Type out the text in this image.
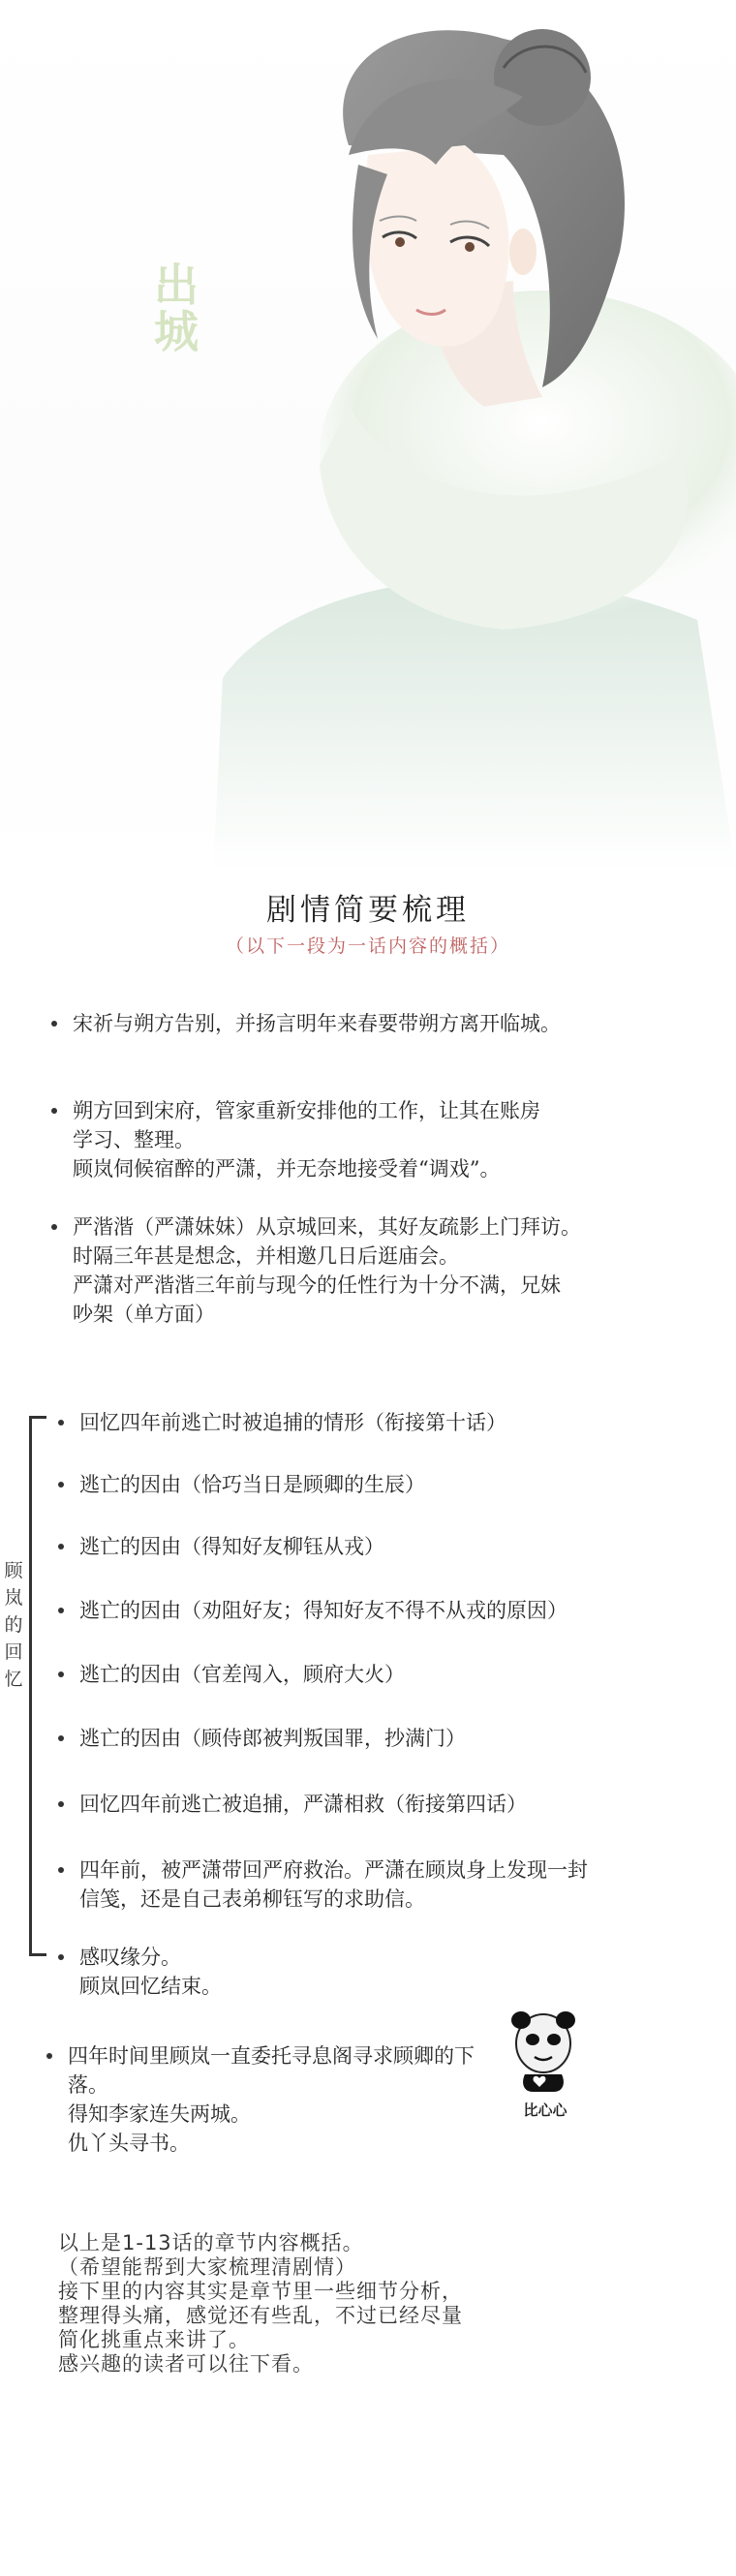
出城
剧情简要梳理
（以下一段为一话内容的概括）
宋祈与朔方告别，并扬言明年来春要带朔方离开临城。
朔方回到宋府，管家重新安排他的工作，让其在账房
学习、整理。
顾岚伺候宿醉的严潇，并无奈地接受着“调戏”。
严湝湝（严潇妹妹）从京城回来，其好友疏影上门拜访。
时隔三年甚是想念，并相邀几日后逛庙会。
严潇对严湝湝三年前与现今的任性行为十分不满，兄妹
吵架（单方面）
顾
岚
的
回
忆
回忆四年前逃亡时被追捕的情形（衔接第十话）
逃亡的因由（恰巧当日是顾卿的生辰）
逃亡的因由（得知好友柳钰从戎）
逃亡的因由（劝阻好友；得知好友不得不从戎的原因）
逃亡的因由（官差闯入，顾府大火）
逃亡的因由（顾侍郎被判叛国罪，抄满门）
回忆四年前逃亡被追捕，严潇相救（衔接第四话）
四年前，被严潇带回严府救治。严潇在顾岚身上发现一封
信笺，还是自己表弟柳钰写的求助信。
感叹缘分。
顾岚回忆结束。
四年时间里顾岚一直委托寻息阁寻求顾卿的下落。
得知李家连失两城。
仇丫头寻书。
比心心
以上是1-13话的章节内容概括。
（希望能帮到大家梳理清剧情）
接下里的内容其实是章节里一些细节分析，
整理得头痛，感觉还有些乱，不过已经尽量
简化挑重点来讲了。
感兴趣的读者可以往下看。
